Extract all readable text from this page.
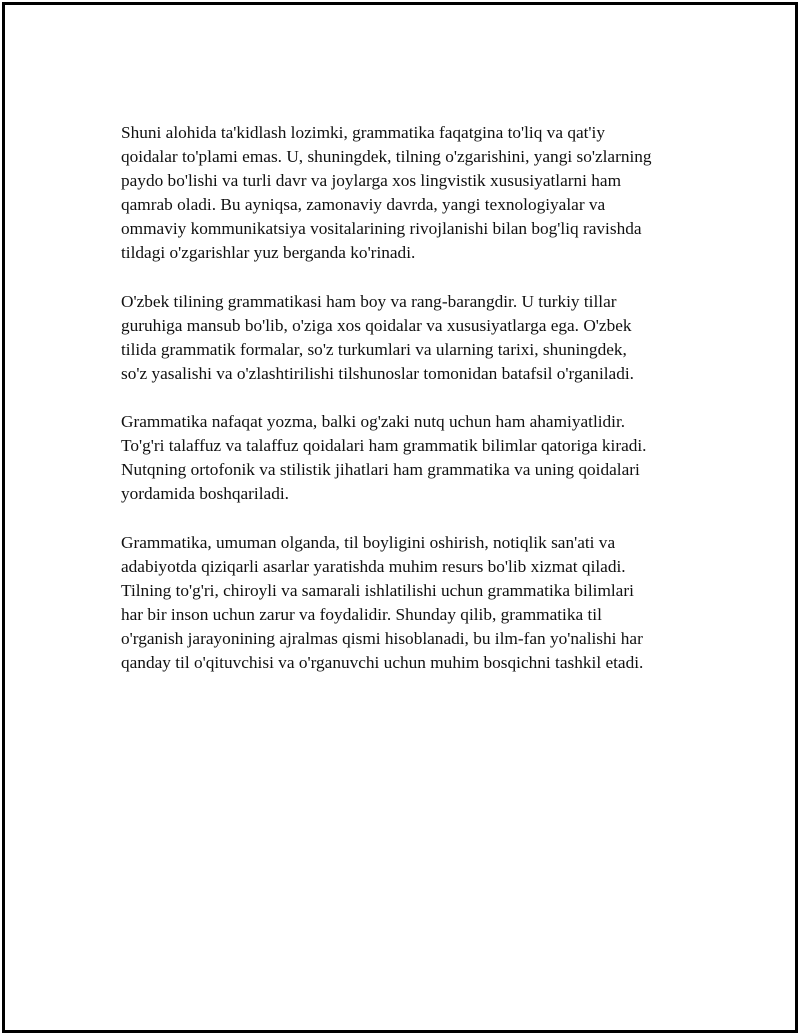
Shuni alohida ta'kidlash lozimki, grammatika faqatgina to'liq va qat'iy
qoidalar to'plami emas. U, shuningdek, tilning o'zgarishini, yangi so'zlarning
paydo bo'lishi va turli davr va joylarga xos lingvistik xususiyatlarni ham
qamrab oladi. Bu ayniqsa, zamonaviy davrda, yangi texnologiyalar va
ommaviy kommunikatsiya vositalarining rivojlanishi bilan bog'liq ravishda
tildagi o'zgarishlar yuz berganda ko'rinadi.

O'zbek tilining grammatikasi ham boy va rang-barangdir. U turkiy tillar
guruhiga mansub bo'lib, o'ziga xos qoidalar va xususiyatlarga ega. O'zbek
tilida grammatik formalar, so'z turkumlari va ularning tarixi, shuningdek,
so'z yasalishi va o'zlashtirilishi tilshunoslar tomonidan batafsil o'rganiladi.

Grammatika nafaqat yozma, balki og'zaki nutq uchun ham ahamiyatlidir.
To'g'ri talaffuz va talaffuz qoidalari ham grammatik bilimlar qatoriga kiradi.
Nutqning ortofonik va stilistik jihatlari ham grammatika va uning qoidalari
yordamida boshqariladi.

Grammatika, umuman olganda, til boyligini oshirish, notiqlik san'ati va
adabiyotda qiziqarli asarlar yaratishda muhim resurs bo'lib xizmat qiladi.
Tilning to'g'ri, chiroyli va samarali ishlatilishi uchun grammatika bilimlari
har bir inson uchun zarur va foydalidir. Shunday qilib, grammatika til
o'rganish jarayonining ajralmas qismi hisoblanadi, bu ilm-fan yo'nalishi har
qanday til o'qituvchisi va o'rganuvchi uchun muhim bosqichni tashkil etadi.
